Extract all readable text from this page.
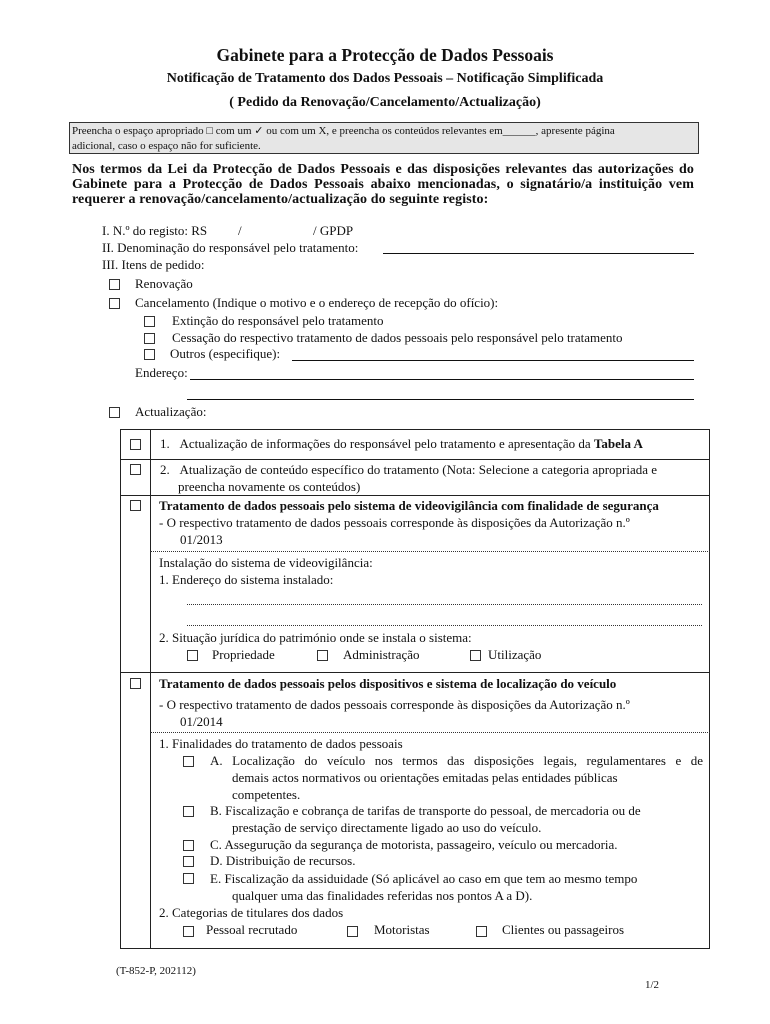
Gabinete para a Protecção de Dados Pessoais
Notificação de Tratamento dos Dados Pessoais – Notificação Simplificada
( Pedido da Renovação/Cancelamento/Actualização)
Preencha o espaço apropriado □ com um ✓ ou com um X, e preencha os conteúdos relevantes em______, apresente página
adicional, caso o espaço não for suficiente.
Nos termos da Lei da Protecção de Dados Pessoais e das disposições relevantes das autorizações do Gabinete para a Protecção de Dados Pessoais abaixo mencionadas, o signatário/a instituição vem requerer a renovação/cancelamento/actualização do seguinte registo:
I. N.º do registo: RS /	/ GPDP
II. Denominação do responsável pelo tratamento:
III. Itens de pedido:
Renovação
Cancelamento (Indique o motivo e o endereço de recepção do ofício):
Extinção do responsável pelo tratamento
Cessação do respectivo tratamento de dados pessoais pelo responsável pelo tratamento
Outros (especifique):
Endereço:
Actualização:
1. Actualização de informações do responsável pelo tratamento e apresentação da Tabela A
2. Atualização de conteúdo específico do tratamento (Nota: Selecione a categoria apropriada e
preencha novamente os conteúdos)
Tratamento de dados pessoais pelo sistema de videovigilância com finalidade de segurança
- O respectivo tratamento de dados pessoais corresponde às disposições da Autorização n.º
01/2013
Instalação do sistema de videovigilância:
1. Endereço do sistema instalado:
2. Situação jurídica do património onde se instala o sistema:
Propriedade	Administração	Utilização
Tratamento de dados pessoais pelos dispositivos e sistema de localização do veículo
- O respectivo tratamento de dados pessoais corresponde às disposições da Autorização n.º
01/2014
1. Finalidades do tratamento de dados pessoais
A. Localização do veículo nos termos das disposições legais, regulamentares e de
demais actos normativos ou orientações emitadas pelas entidades públicas
competentes.
B. Fiscalização e cobrança de tarifas de transporte do pessoal, de mercadoria ou de
prestação de serviço directamente ligado ao uso do veículo.
C. Assegurução da segurança de motorista, passageiro, veículo ou mercadoria.
D. Distribuição de recursos.
E. Fiscalização da assiduidade (Só aplicável ao caso em que tem ao mesmo tempo
qualquer uma das finalidades referidas nos pontos A a D).
2. Categorias de titulares dos dados
Pessoal recrutado	Motoristas	Clientes ou passageiros
(T-852-P, 202112)
1/2
